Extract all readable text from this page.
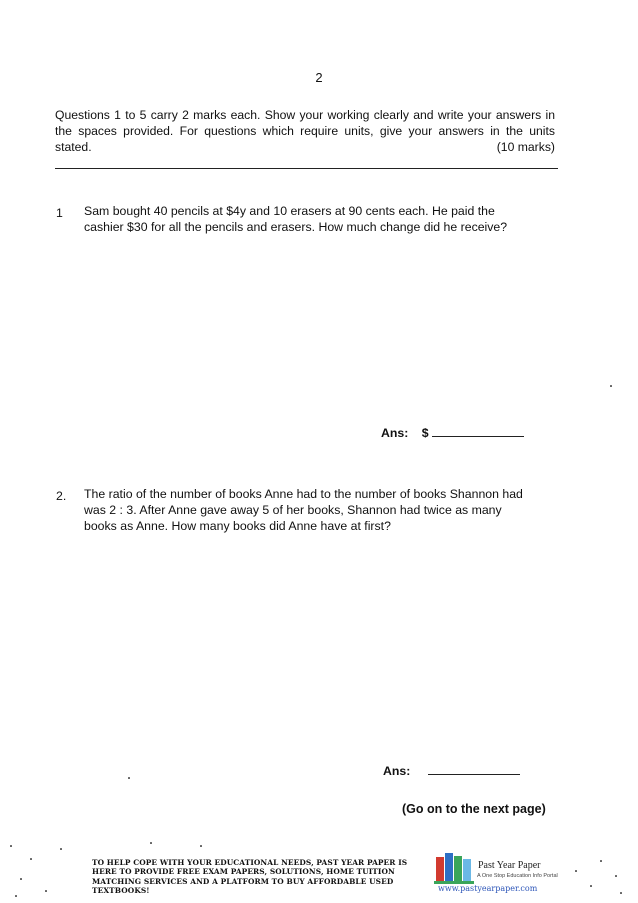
2
Questions 1 to 5 carry 2 marks each. Show your working clearly and write your answers in the spaces provided. For questions which require units, give your answers in the units stated.	(10 marks)
1 Sam bought 40 pencils at $4y and 10 erasers at 90 cents each. He paid the cashier $30 for all the pencils and erasers. How much change did he receive?
Ans: $
2. The ratio of the number of books Anne had to the number of books Shannon had was 2 : 3. After Anne gave away 5 of her books, Shannon had twice as many books as Anne. How many books did Anne have at first?
Ans:
(Go on to the next page)
TO HELP COPE WITH YOUR EDUCATIONAL NEEDS, PAST YEAR PAPER IS HERE TO PROVIDE FREE EXAM PAPERS, SOLUTIONS, HOME TUITION MATCHING SERVICES AND A PLATFORM TO BUY AFFORDABLE USED TEXTBOOKS!
Past Year Paper
A One Stop Education Info Portal
www.pastyearpaper.com
